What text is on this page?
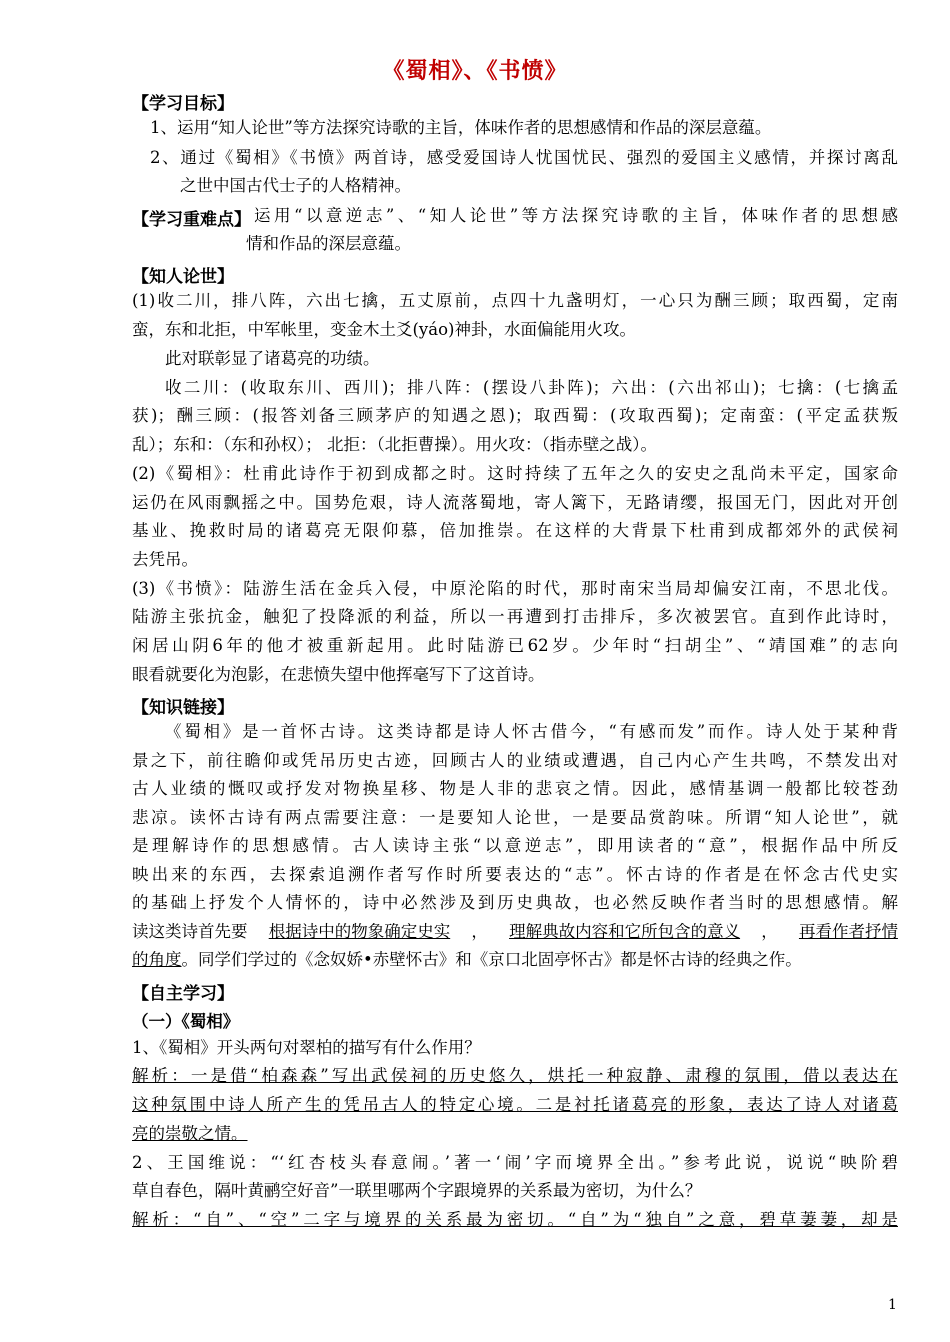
《蜀相》、《书愤》
【学习目标】
1、运用“知人论世”等方法探究诗歌的主旨，体味作者的思想感情和作品的深层意蕴。
2、通过《蜀相》《书愤》两首诗，感受爱国诗人忧国忧民、强烈的爱国主义感情，并探讨离乱
之世中国古代士子的人格精神。
【学习重难点】 运用“以意逆志”、“知人论世”等方法探究诗歌的主旨，体味作者的思想感
情和作品的深层意蕴。
【知人论世】
(1)收二川，排八阵，六出七擒，五丈原前，点四十九盏明灯，一心只为酬三顾；取西蜀，定南
蛮，东和北拒，中军帐里，变金木土爻(yáo)神卦，水面偏能用火攻。
此对联彰显了诸葛亮的功绩。
收二川：(收取东川、西川)；排八阵：(摆设八卦阵)；六出：(六出祁山)；七擒：(七擒孟
获)；酬三顾：(报答刘备三顾茅庐的知遇之恩)；取西蜀：(攻取西蜀)；定南蛮：(平定孟获叛
乱）；东和：（东和孙权）； 北拒：（北拒曹操）。用火攻：（指赤壁之战）。
(2)《蜀相》：杜甫此诗作于初到成都之时。这时持续了五年之久的安史之乱尚未平定，国家命
运仍在风雨飘摇之中。国势危艰，诗人流落蜀地，寄人篱下，无路请缨，报国无门，因此对开创
基业、挽救时局的诸葛亮无限仰慕，倍加推崇。在这样的大背景下杜甫到成都郊外的武侯祠
去凭吊。
(3)《书愤》：陆游生活在金兵入侵，中原沦陷的时代，那时南宋当局却偏安江南，不思北伐。
陆游主张抗金，触犯了投降派的利益，所以一再遭到打击排斥，多次被罢官。直到作此诗时，
闲居山阴6年的他才被重新起用。此时陆游已62岁。少年时“扫胡尘”、“靖国难”的志向
眼看就要化为泡影，在悲愤失望中他挥毫写下了这首诗。
【知识链接】
《蜀相》是一首怀古诗。这类诗都是诗人怀古借今，“有感而发”而作。诗人处于某种背
景之下，前往瞻仰或凭吊历史古迹，回顾古人的业绩或遭遇，自己内心产生共鸣，不禁发出对
古人业绩的慨叹或抒发对物换星移、物是人非的悲哀之情。因此，感情基调一般都比较苍劲
悲凉。读怀古诗有两点需要注意：一是要知人论世，一是要品赏韵味。所谓“知人论世”，就
是理解诗作的思想感情。古人读诗主张“以意逆志”，即用读者的“意”，根据作品中所反
映出来的东西，去探索追溯作者写作时所要表达的“志”。怀古诗的作者是在怀念古代史实
的基础上抒发个人情怀的，诗中必然涉及到历史典故，也必然反映作者当时的思想感情。解
读这类诗首先要 根据诗中的物象确定史实 ， 理解典故内容和它所包含的意义 ， 再看作者抒情
的角度。同学们学过的《念奴娇•赤壁怀古》和《京口北固亭怀古》都是怀古诗的经典之作。
【自主学习】
（一）《蜀相》
1、《蜀相》开头两句对翠柏的描写有什么作用？
解析：一是借“柏森森”写出武侯祠的历史悠久，烘托一种寂静、肃穆的氛围，借以表达在
这种氛围中诗人所产生的凭吊古人的特定心境。二是衬托诸葛亮的形象，表达了诗人对诸葛
亮的崇敬之情。
2、王国维说：“‘红杏枝头春意闹。’著一‘闹’字而境界全出。”参考此说，说说“映阶碧
草自春色，隔叶黄鹂空好音”一联里哪两个字跟境界的关系最为密切，为什么？
解析：“自”、“空”二字与境界的关系最为密切。“自”为“独自”之意，碧草萋萋，却是
1
